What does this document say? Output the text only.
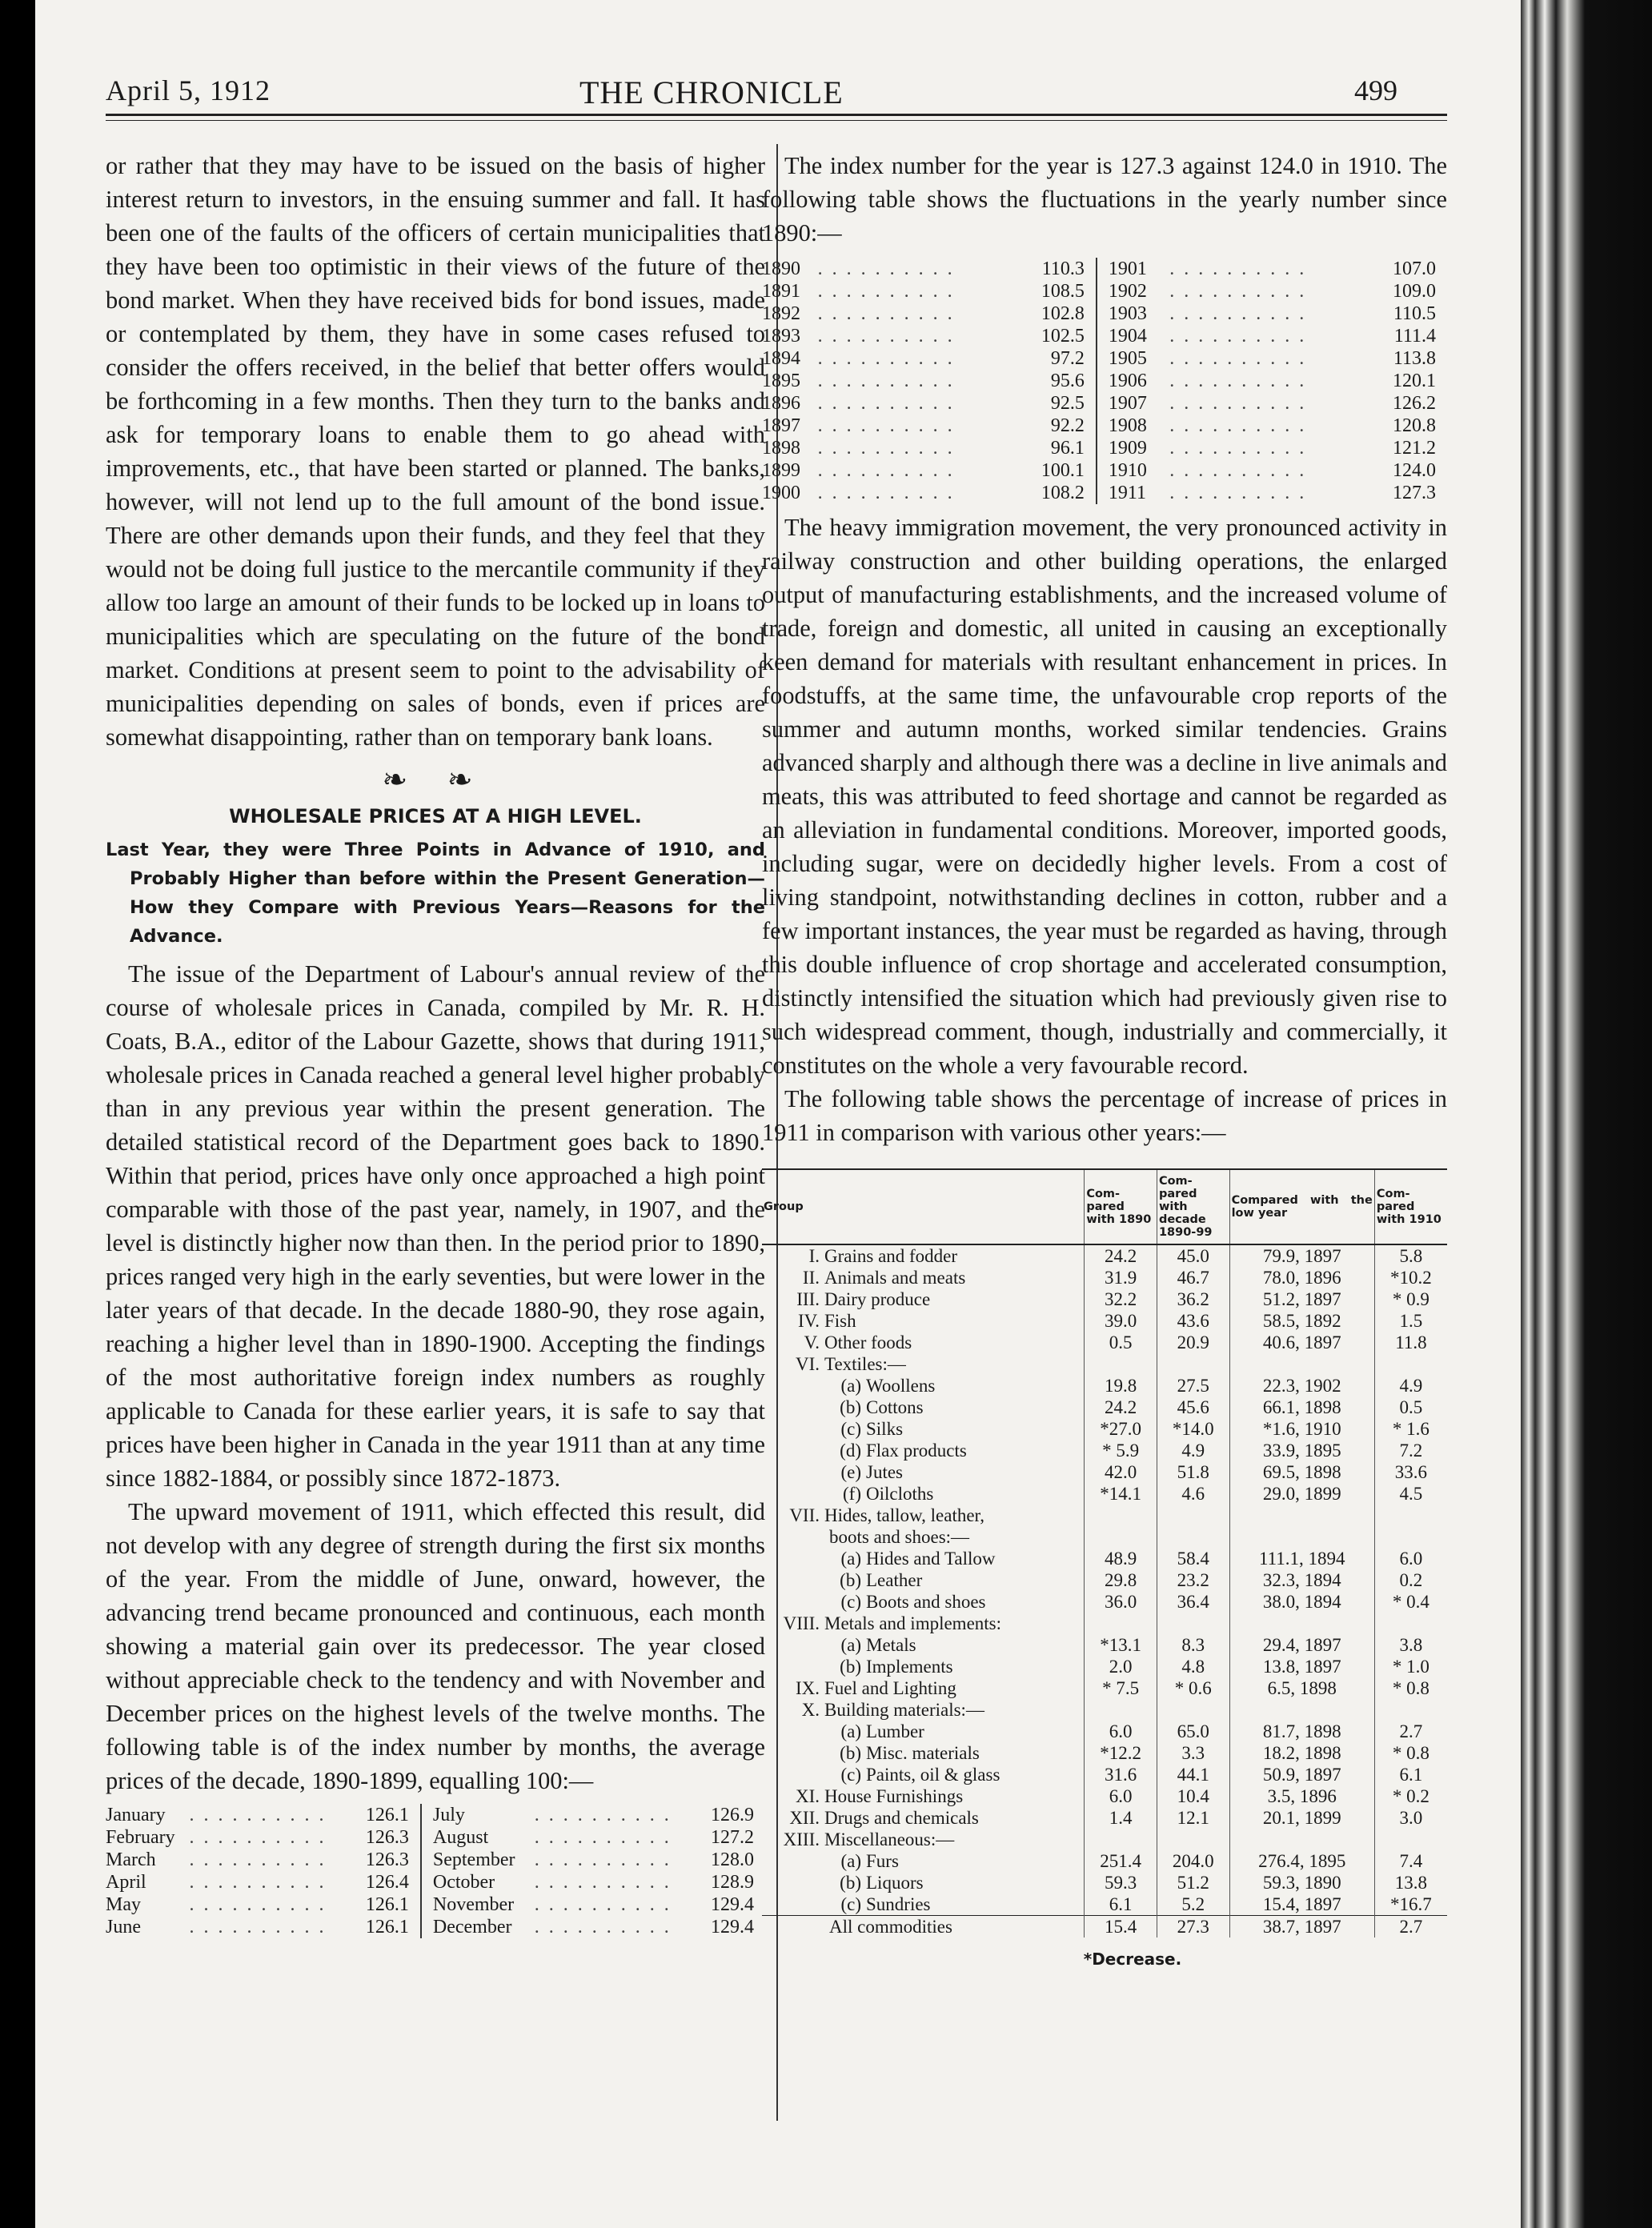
April 5, 1912	THE CHRONICLE	499

or rather that they may have to be issued on the basis of higher interest return to investors, in the ensuing summer and fall. It has been one of the faults of the officers of certain municipalities that they have been too optimistic in their views of the future of the bond market. When they have received bids for bond issues, made or contemplated by them, they have in some cases refused to consider the offers received, in the belief that better offers would be forthcoming in a few months. Then they turn to the banks and ask for temporary loans to enable them to go ahead with improvements, etc., that have been started or planned. The banks, however, will not lend up to the full amount of the bond issue. There are other demands upon their funds, and they feel that they would not be doing full justice to the mercantile community if they allow too large an amount of their funds to be locked up in loans to municipalities which are speculating on the future of the bond market. Conditions at present seem to point to the advisability of municipalities depending on sales of bonds, even if prices are somewhat disappointing, rather than on temporary bank loans.

❧ ❧
WHOLESALE PRICES AT A HIGH LEVEL.
Last Year, they were Three Points in Advance of 1910, and Probably Higher than before within the Present Generation—How they Compare with Previous Years—Reasons for the Advance.

The issue of the Department of Labour's annual review of the course of wholesale prices in Canada, compiled by Mr. R. H. Coats, B.A., editor of the Labour Gazette, shows that during 1911, wholesale prices in Canada reached a general level higher probably than in any previous year within the present generation. The detailed statistical record of the Department goes back to 1890. Within that period, prices have only once approached a high point comparable with those of the past year, namely, in 1907, and the level is distinctly higher now than then. In the period prior to 1890, prices ranged very high in the early seventies, but were lower in the later years of that decade. In the decade 1880-90, they rose again, reaching a higher level than in 1890-1900. Accepting the findings of the most authoritative foreign index numbers as roughly applicable to Canada for these earlier years, it is safe to say that prices have been higher in Canada in the year 1911 than at any time since 1882-1884, or possibly since 1872-1873.

The upward movement of 1911, which effected this result, did not develop with any degree of strength during the first six months of the year. From the middle of June, onward, however, the advancing trend became pronounced and continuous, each month showing a material gain over its predecessor. The year closed without appreciable check to the tendency and with November and December prices on the highest levels of the twelve months. The following table is of the index number by months, the average prices of the decade, 1890-1899, equalling 100:—

January	. . . . . . . . . .	126.1	July	. . . . . . . . . .	126.9
February	. . . . . . . . . .	126.3	August	. . . . . . . . . .	127.2
March	. . . . . . . . . .	126.3	September	. . . . . . . . . .	128.0
April	. . . . . . . . . .	126.4	October	. . . . . . . . . .	128.9
May	. . . . . . . . . .	126.1	November	. . . . . . . . . .	129.4
June	. . . . . . . . . .	126.1	December	. . . . . . . . . .	129.4

The index number for the year is 127.3 against 124.0 in 1910. The following table shows the fluctuations in the yearly number since 1890:—

1890	. . . . . . . . . .	110.3	1901	. . . . . . . . . .	107.0
1891	. . . . . . . . . .	108.5	1902	. . . . . . . . . .	109.0
1892	. . . . . . . . . .	102.8	1903	. . . . . . . . . .	110.5
1893	. . . . . . . . . .	102.5	1904	. . . . . . . . . .	111.4
1894	. . . . . . . . . .	97.2	1905	. . . . . . . . . .	113.8
1895	. . . . . . . . . .	95.6	1906	. . . . . . . . . .	120.1
1896	. . . . . . . . . .	92.5	1907	. . . . . . . . . .	126.2
1897	. . . . . . . . . .	92.2	1908	. . . . . . . . . .	120.8
1898	. . . . . . . . . .	96.1	1909	. . . . . . . . . .	121.2
1899	. . . . . . . . . .	100.1	1910	. . . . . . . . . .	124.0
1900	. . . . . . . . . .	108.2	1911	. . . . . . . . . .	127.3

The heavy immigration movement, the very pronounced activity in railway construction and other building operations, the enlarged output of manufacturing establishments, and the increased volume of trade, foreign and domestic, all united in causing an exceptionally keen demand for materials with resultant enhancement in prices. In foodstuffs, at the same time, the unfavourable crop reports of the summer and autumn months, worked similar tendencies. Grains advanced sharply and although there was a decline in live animals and meats, this was attributed to feed shortage and cannot be regarded as an alleviation in fundamental conditions. Moreover, imported goods, including sugar, were on decidedly higher levels. From a cost of living standpoint, notwithstanding declines in cotton, rubber and a few important instances, the year must be regarded as having, through this double influence of crop shortage and accelerated consumption, distinctly intensified the situation which had previously given rise to such widespread comment, though, industrially and commercially, it constitutes on the whole a very favourable record.

The following table shows the percentage of increase of prices in 1911 in comparison with various other years:—

Group	Com-pared with 1890	Com-pared with decade 1890-99	Compared with the low year	Com-pared with 1910
I. Grains and fodder	24.2	45.0	79.9, 1897	5.8
II. Animals and meats	31.9	46.7	78.0, 1896	*10.2
III. Dairy produce	32.2	36.2	51.2, 1897	* 0.9
IV. Fish	39.0	43.6	58.5, 1892	1.5
V. Other foods	0.5	20.9	40.6, 1897	11.8
VI. Textiles:—				
(a) Woollens	19.8	27.5	22.3, 1902	4.9
(b) Cottons	24.2	45.6	66.1, 1898	0.5
(c) Silks	*27.0	*14.0	*1.6, 1910	* 1.6
(d) Flax products	* 5.9	4.9	33.9, 1895	7.2
(e) Jutes	42.0	51.8	69.5, 1898	33.6
(f) Oilcloths	*14.1	4.6	29.0, 1899	4.5
VII. Hides, tallow, leather,				
boots and shoes:—				
(a) Hides and Tallow	48.9	58.4	111.1, 1894	6.0
(b) Leather	29.8	23.2	32.3, 1894	0.2
(c) Boots and shoes	36.0	36.4	38.0, 1894	* 0.4
VIII. Metals and implements:				
(a) Metals	*13.1	8.3	29.4, 1897	3.8
(b) Implements	2.0	4.8	13.8, 1897	* 1.0
IX. Fuel and Lighting	* 7.5	* 0.6	6.5, 1898	* 0.8
X. Building materials:—				
(a) Lumber	6.0	65.0	81.7, 1898	2.7
(b) Misc. materials	*12.2	3.3	18.2, 1898	* 0.8
(c) Paints, oil & glass	31.6	44.1	50.9, 1897	6.1
XI. House Furnishings	6.0	10.4	3.5, 1896	* 0.2
XII. Drugs and chemicals	1.4	12.1	20.1, 1899	3.0
XIII. Miscellaneous:—				
(a) Furs	251.4	204.0	276.4, 1895	7.4
(b) Liquors	59.3	51.2	59.3, 1890	13.8
(c) Sundries	6.1	5.2	15.4, 1897	*16.7
All commodities	15.4	27.3	38.7, 1897	2.7
*Decrease.
